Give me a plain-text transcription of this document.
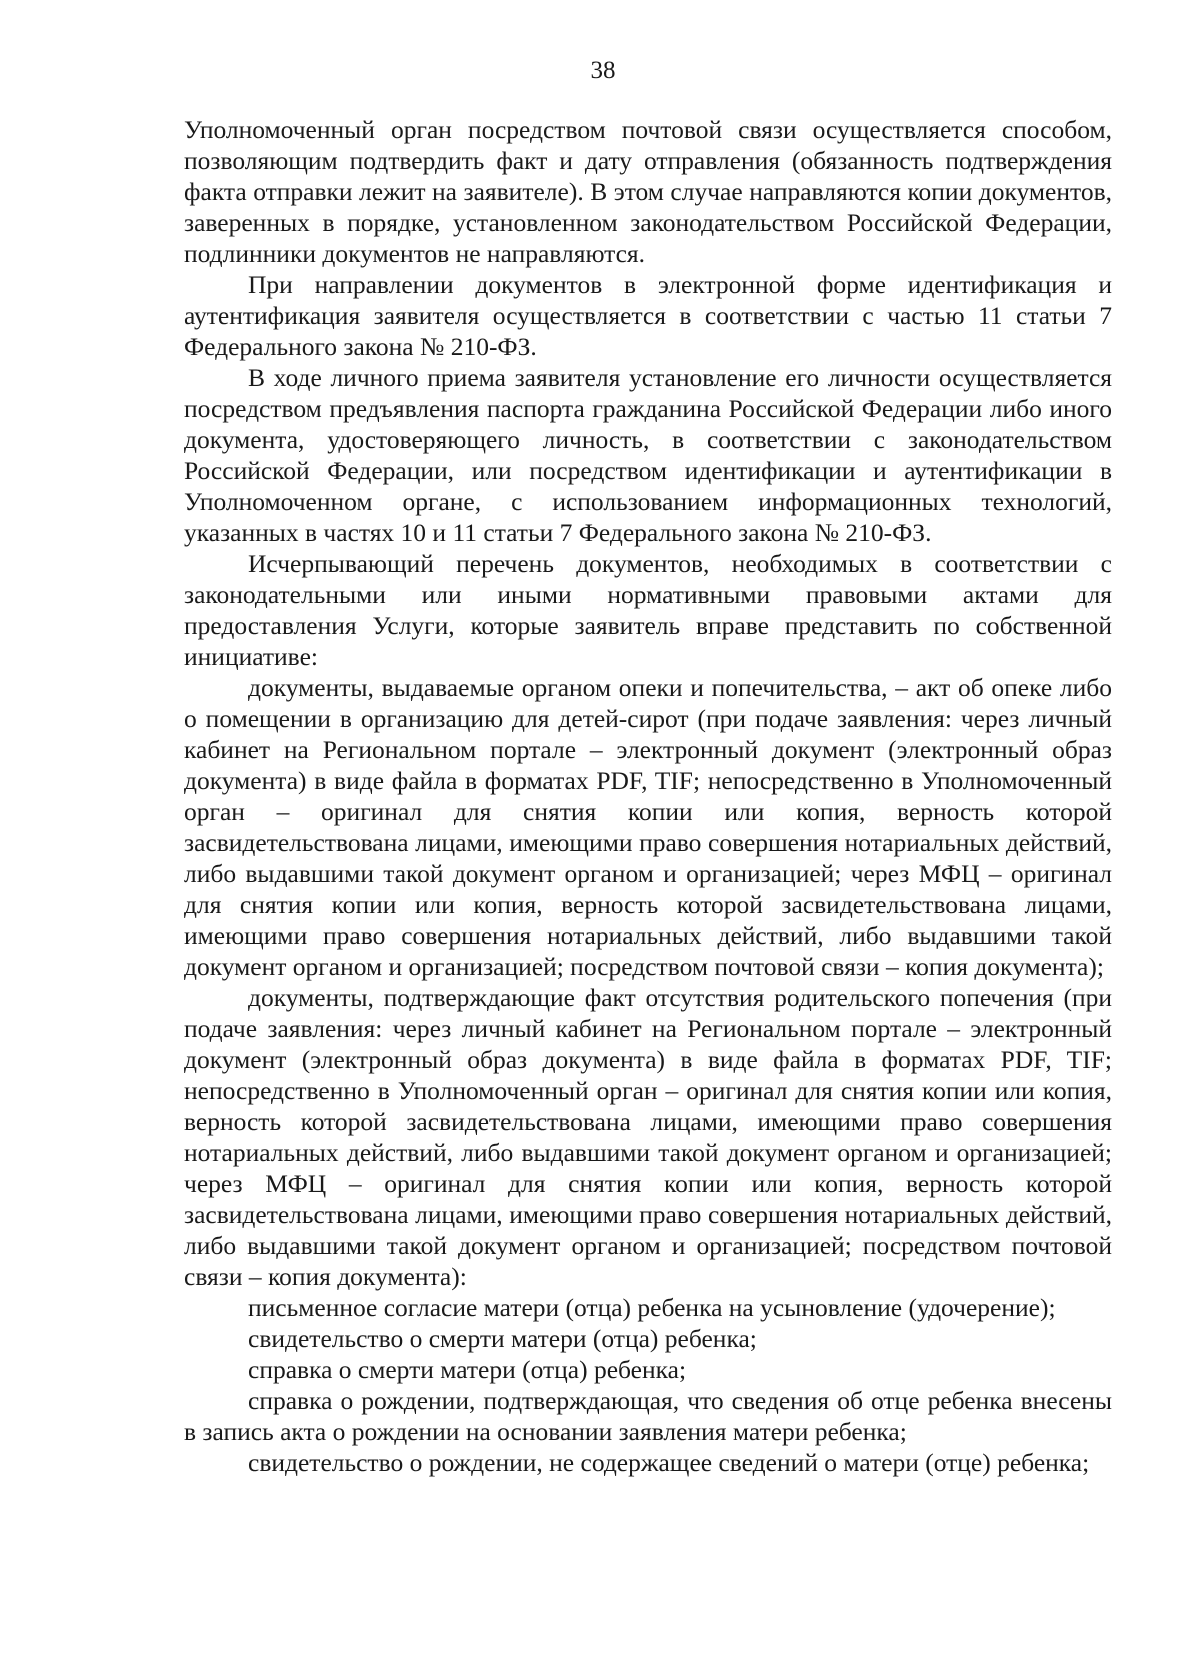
38

Уполномоченный орган посредством почтовой связи осуществляется способом, позволяющим подтвердить факт и дату отправления (обязанность подтверждения факта отправки лежит на заявителе). В этом случае направляются копии документов, заверенных в порядке, установленном законодательством Российской Федерации, подлинники документов не направляются.

При направлении документов в электронной форме идентификация и аутентификация заявителя осуществляется в соответствии с частью 11 статьи 7 Федерального закона № 210-ФЗ.

В ходе личного приема заявителя установление его личности осуществляется посредством предъявления паспорта гражданина Российской Федерации либо иного документа, удостоверяющего личность, в соответствии с законодательством Российской Федерации, или посредством идентификации и аутентификации в Уполномоченном органе, с использованием информационных технологий, указанных в частях 10 и 11 статьи 7 Федерального закона № 210-ФЗ.

Исчерпывающий перечень документов, необходимых в соответствии с законодательными или иными нормативными правовыми актами для предоставления Услуги, которые заявитель вправе представить по собственной инициативе:

документы, выдаваемые органом опеки и попечительства, – акт об опеке либо о помещении в организацию для детей-сирот (при подаче заявления: через личный кабинет на Региональном портале – электронный документ (электронный образ документа) в виде файла в форматах PDF, TIF; непосредственно в Уполномоченный орган – оригинал для снятия копии или копия, верность которой засвидетельствована лицами, имеющими право совершения нотариальных действий, либо выдавшими такой документ органом и организацией; через МФЦ – оригинал для снятия копии или копия, верность которой засвидетельствована лицами, имеющими право совершения нотариальных действий, либо выдавшими такой документ органом и организацией; посредством почтовой связи – копия документа);

документы, подтверждающие факт отсутствия родительского попечения (при подаче заявления: через личный кабинет на Региональном портале – электронный документ (электронный образ документа) в виде файла в форматах PDF, TIF; непосредственно в Уполномоченный орган – оригинал для снятия копии или копия, верность которой засвидетельствована лицами, имеющими право совершения нотариальных действий, либо выдавшими такой документ органом и организацией; через МФЦ – оригинал для снятия копии или копия, верность которой засвидетельствована лицами, имеющими право совершения нотариальных действий, либо выдавшими такой документ органом и организацией; посредством почтовой связи – копия документа):

письменное согласие матери (отца) ребенка на усыновление (удочерение);

свидетельство о смерти матери (отца) ребенка;

справка о смерти матери (отца) ребенка;

справка о рождении, подтверждающая, что сведения об отце ребенка внесены в запись акта о рождении на основании заявления матери ребенка;

свидетельство о рождении, не содержащее сведений о матери (отце) ребенка;
